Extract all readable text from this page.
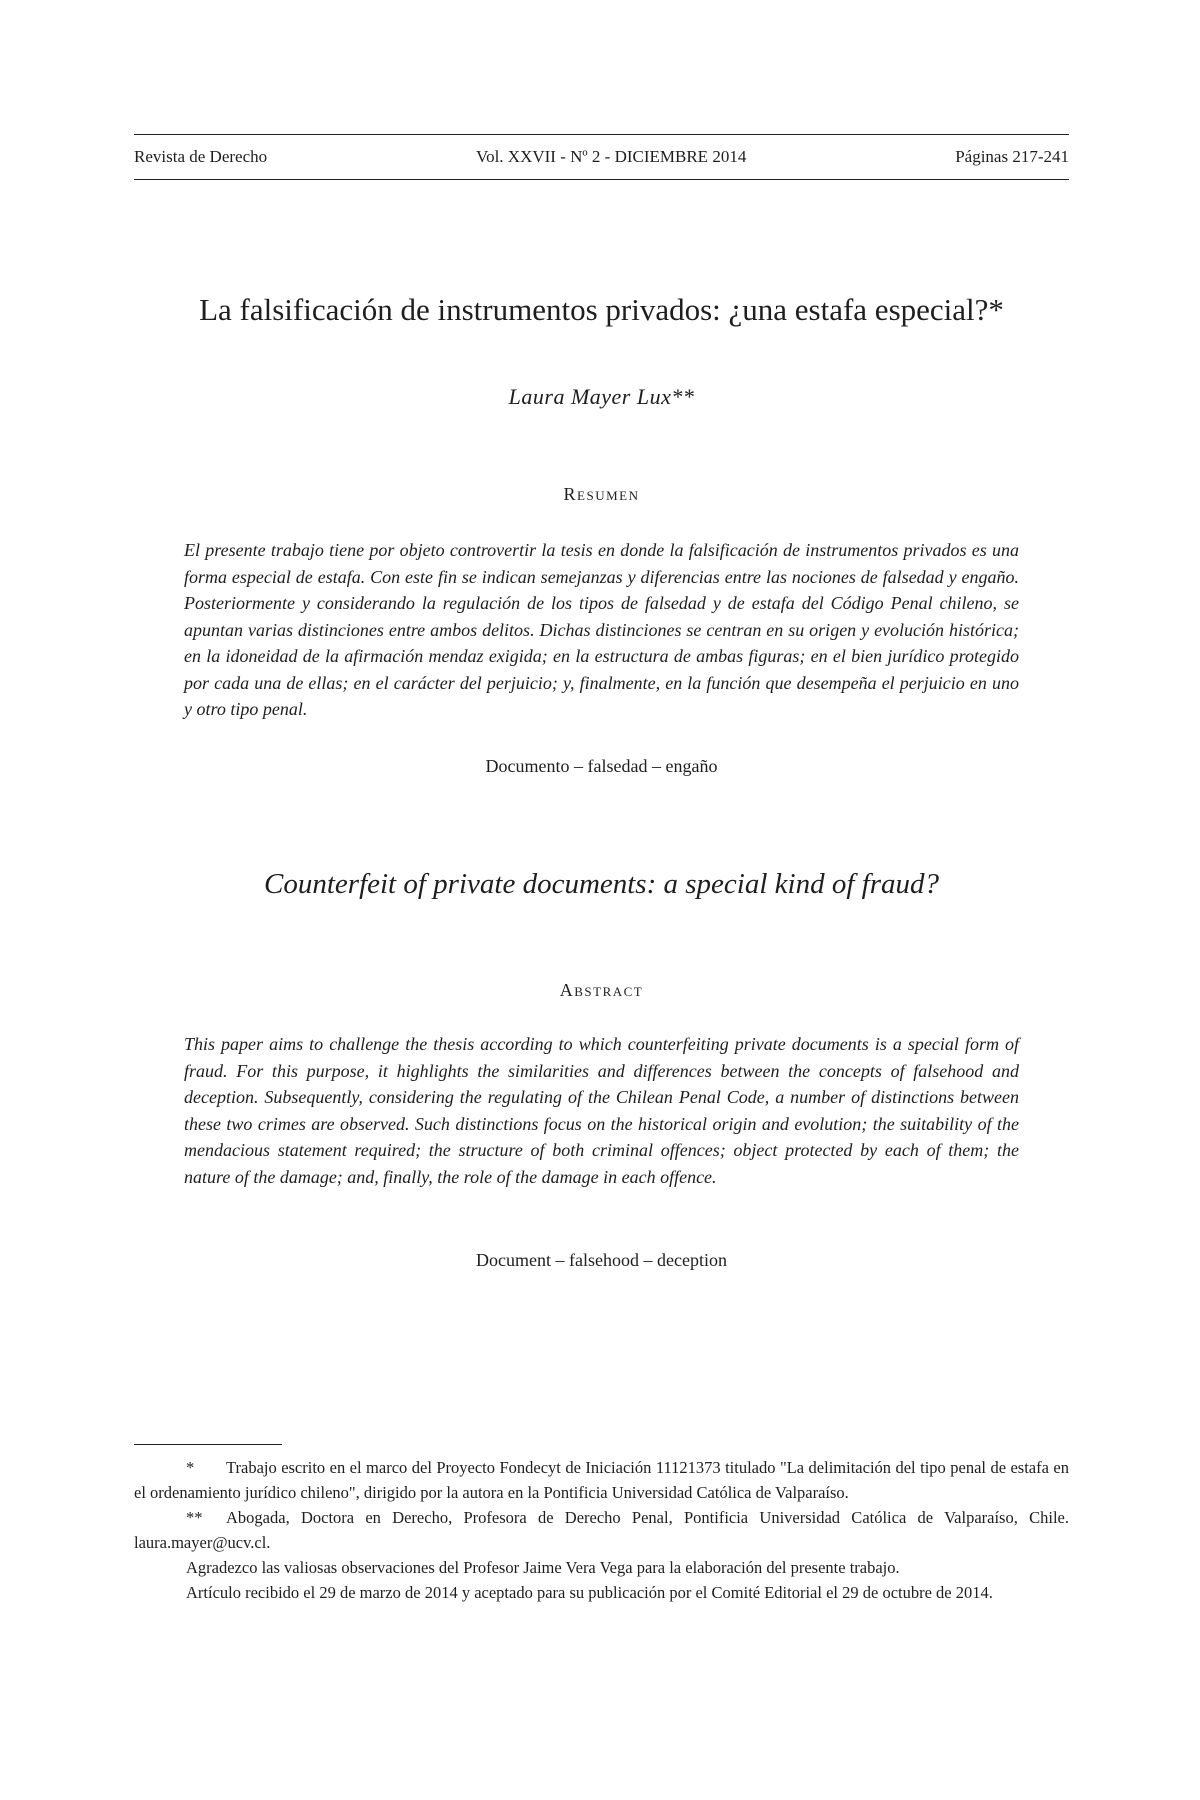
Revista de Derecho	Vol. XXVII - Nº 2 - DICIEMBRE 2014	Páginas 217-241
La falsificación de instrumentos privados: ¿una estafa especial?*
Laura Mayer Lux**
Resumen
El presente trabajo tiene por objeto controvertir la tesis en donde la falsificación de instrumentos privados es una forma especial de estafa. Con este fin se indican semejanzas y diferencias entre las nociones de falsedad y engaño. Posteriormente y considerando la regulación de los tipos de falsedad y de estafa del Código Penal chileno, se apuntan varias distinciones entre ambos delitos. Dichas distinciones se centran en su origen y evolución histórica; en la idoneidad de la afirmación mendaz exigida; en la estructura de ambas figuras; en el bien jurídico protegido por cada una de ellas; en el carácter del perjuicio; y, finalmente, en la función que desempeña el perjuicio en uno y otro tipo penal.
Documento – falsedad – engaño
Counterfeit of private documents: a special kind of fraud?
Abstract
This paper aims to challenge the thesis according to which counterfeiting private documents is a special form of fraud. For this purpose, it highlights the similarities and differences between the concepts of falsehood and deception. Subsequently, considering the regulating of the Chilean Penal Code, a number of distinctions between these two crimes are observed. Such distinctions focus on the historical origin and evolution; the suitability of the mendacious statement required; the structure of both criminal offences; object protected by each of them; the nature of the damage; and, finally, the role of the damage in each offence.
Document – falsehood – deception

* Trabajo escrito en el marco del Proyecto Fondecyt de Iniciación 11121373 titulado "La delimitación del tipo penal de estafa en el ordenamiento jurídico chileno", dirigido por la autora en la Pontificia Universidad Católica de Valparaíso.

** Abogada, Doctora en Derecho, Profesora de Derecho Penal, Pontificia Universidad Católica de Valparaíso, Chile. laura.mayer@ucv.cl.

Agradezco las valiosas observaciones del Profesor Jaime Vera Vega para la elaboración del presente trabajo.

Artículo recibido el 29 de marzo de 2014 y aceptado para su publicación por el Comité Editorial el 29 de octubre de 2014.
